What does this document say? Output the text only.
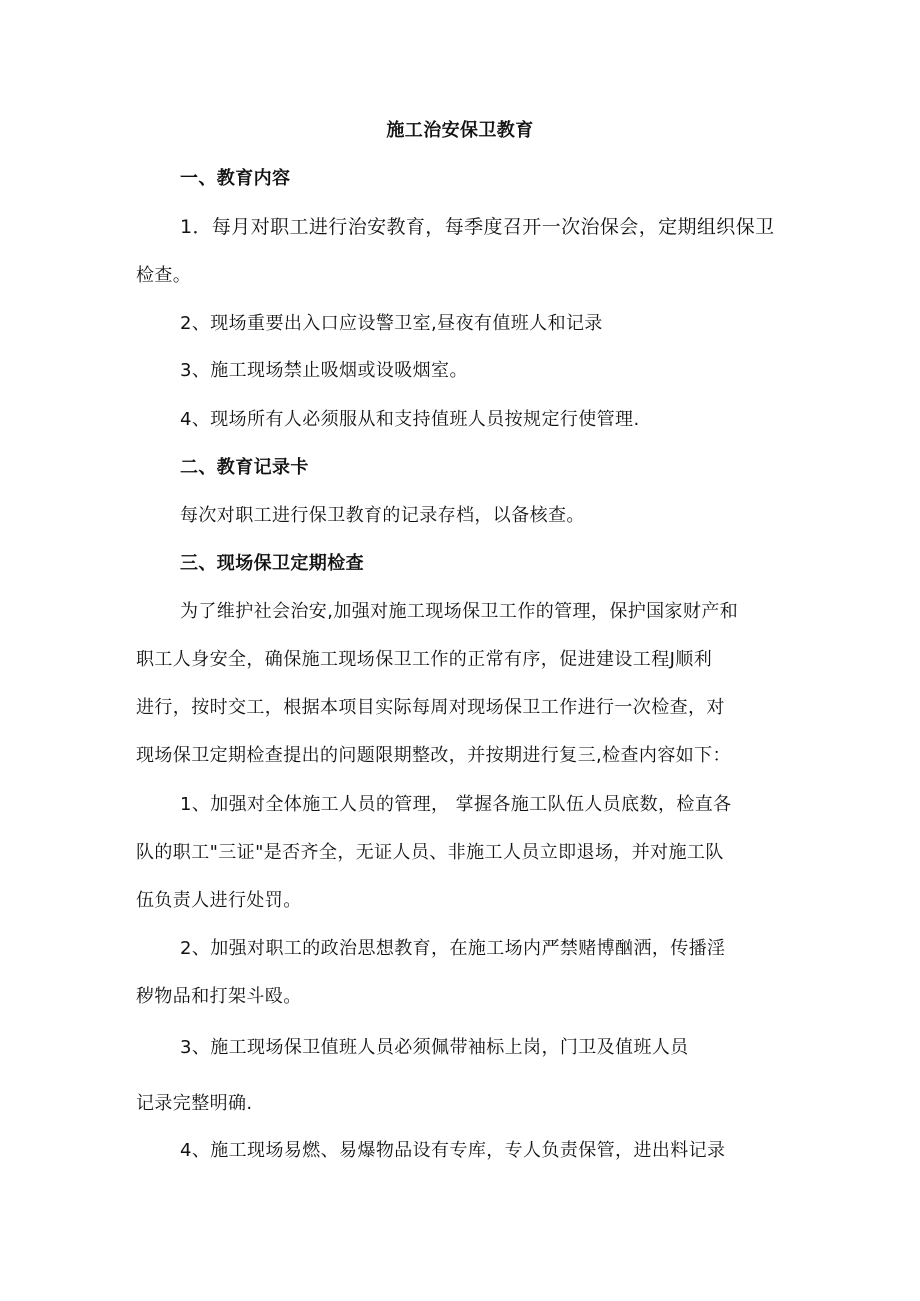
施工治安保卫教育
一、教育内容
1．每月对职工进行治安教育，每季度召开一次治保会，定期组织保卫
检查。
2、现场重要出入口应设警卫室,昼夜有值班人和记录
3、施工现场禁止吸烟或设吸烟室。
4、现场所有人必须服从和支持值班人员按规定行使管理.
二、教育记录卡
每次对职工进行保卫教育的记录存档，以备核查。
三、现场保卫定期检查
为了维护社会治安,加强对施工现场保卫工作的管理，保护国家财产和
职工人身安全，确保施工现场保卫工作的正常有序，促进建设工程J顺利
进行，按时交工，根据本项目实际每周对现场保卫工作进行一次检查，对
现场保卫定期检查提出的问题限期整改，并按期进行复三,检查内容如下：
1、加强对全体施工人员的管理， 掌握各施工队伍人员底数，检直各
队的职工"三证"是否齐全，无证人员、非施工人员立即退场，并对施工队
伍负责人进行处罚。
2、加强对职工的政治思想教育，在施工场内严禁赌博酗洒，传播淫
秽物品和打架斗殴。
3、施工现场保卫值班人员必须佩带袖标上岗，门卫及值班人员
记录完整明确.
4、施工现场易燃、易爆物品设有专库，专人负责保管，进出料记录
